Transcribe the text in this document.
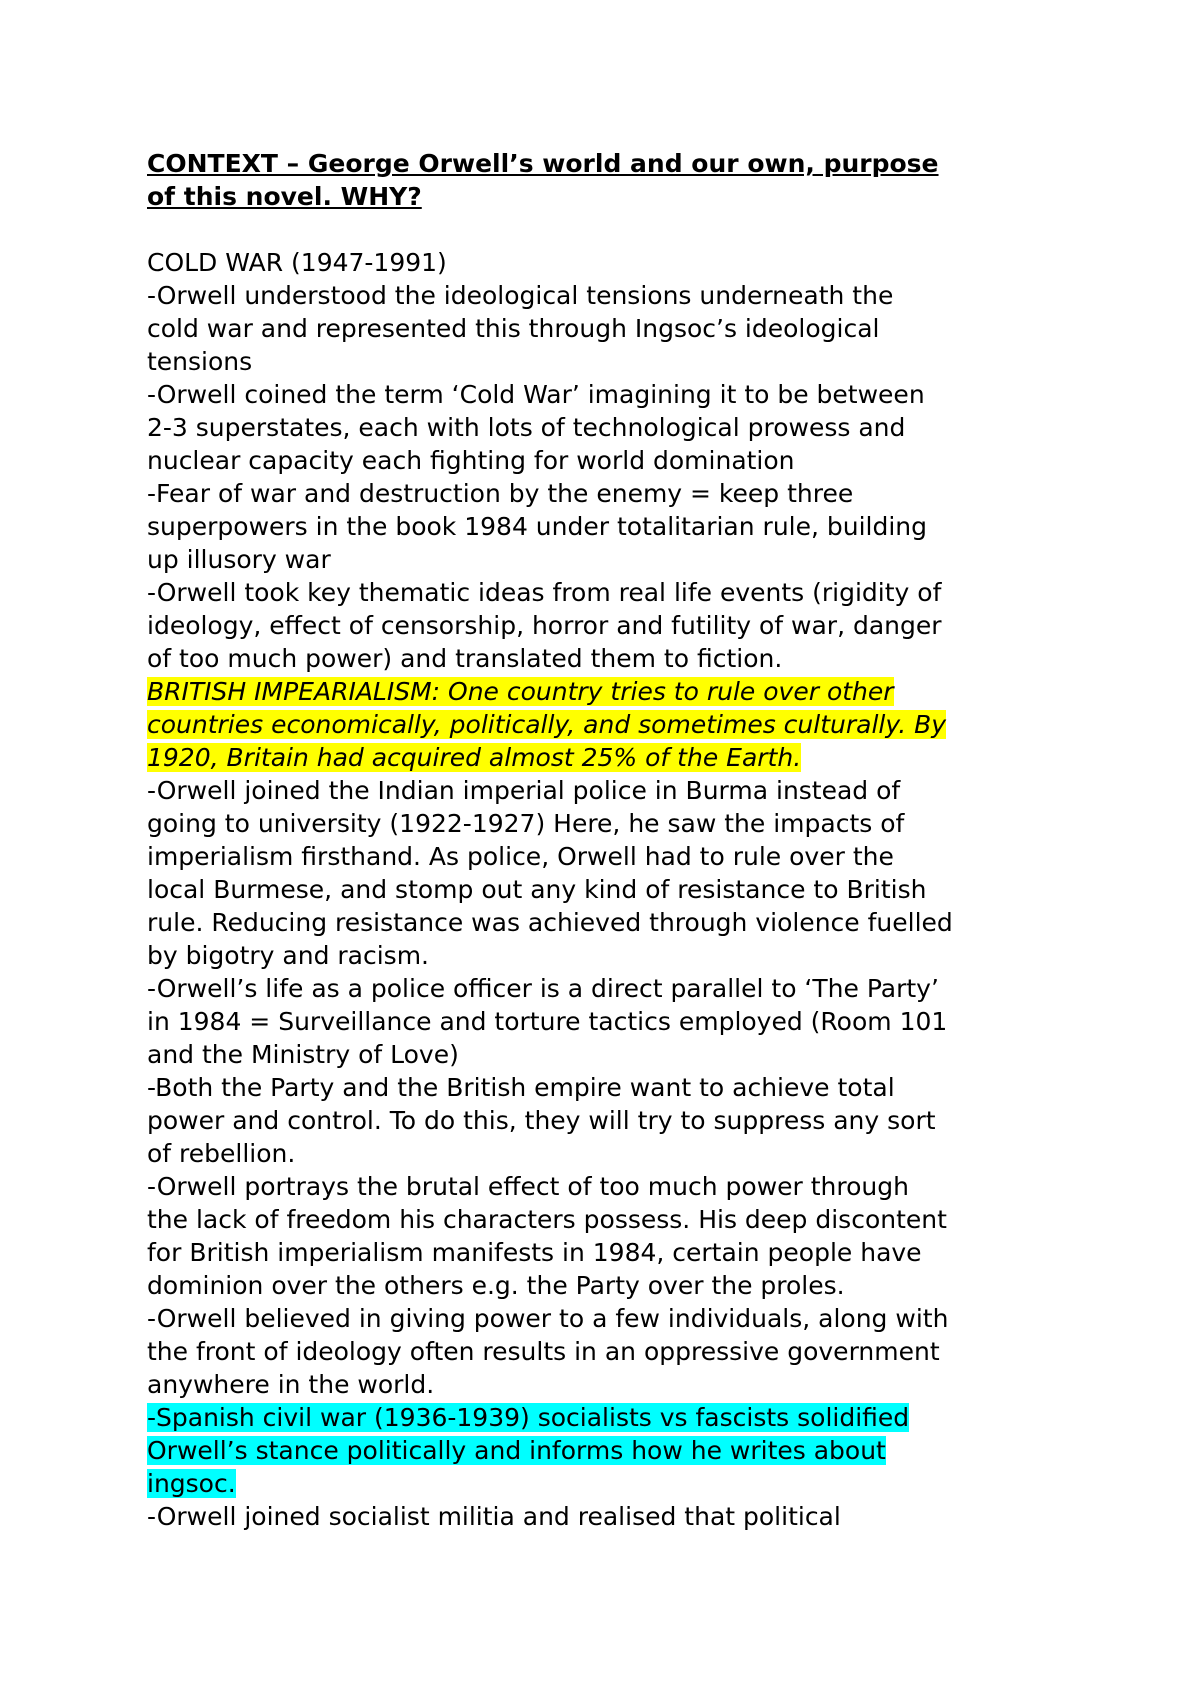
CONTEXT – George Orwell’s world and our own, purpose
of this novel. WHY?
COLD WAR (1947-1991)
-Orwell understood the ideological tensions underneath the
cold war and represented this through Ingsoc’s ideological
tensions
-Orwell coined the term ‘Cold War’ imagining it to be between
2-3 superstates, each with lots of technological prowess and
nuclear capacity each fighting for world domination
-Fear of war and destruction by the enemy = keep three
superpowers in the book 1984 under totalitarian rule, building
up illusory war
-Orwell took key thematic ideas from real life events (rigidity of
ideology, effect of censorship, horror and futility of war, danger
of too much power) and translated them to fiction.
BRITISH IMPEARIALISM: One country tries to rule over other
countries economically, politically, and sometimes culturally. By
1920, Britain had acquired almost 25% of the Earth.
-Orwell joined the Indian imperial police in Burma instead of
going to university (1922-1927) Here, he saw the impacts of
imperialism firsthand. As police, Orwell had to rule over the
local Burmese, and stomp out any kind of resistance to British
rule. Reducing resistance was achieved through violence fuelled
by bigotry and racism.
-Orwell’s life as a police officer is a direct parallel to ‘The Party’
in 1984 = Surveillance and torture tactics employed (Room 101
and the Ministry of Love)
-Both the Party and the British empire want to achieve total
power and control. To do this, they will try to suppress any sort
of rebellion.
-Orwell portrays the brutal effect of too much power through
the lack of freedom his characters possess. His deep discontent
for British imperialism manifests in 1984, certain people have
dominion over the others e.g. the Party over the proles.
-Orwell believed in giving power to a few individuals, along with
the front of ideology often results in an oppressive government
anywhere in the world.
-Spanish civil war (1936-1939) socialists vs fascists solidified
Orwell’s stance politically and informs how he writes about
ingsoc.
-Orwell joined socialist militia and realised that political
